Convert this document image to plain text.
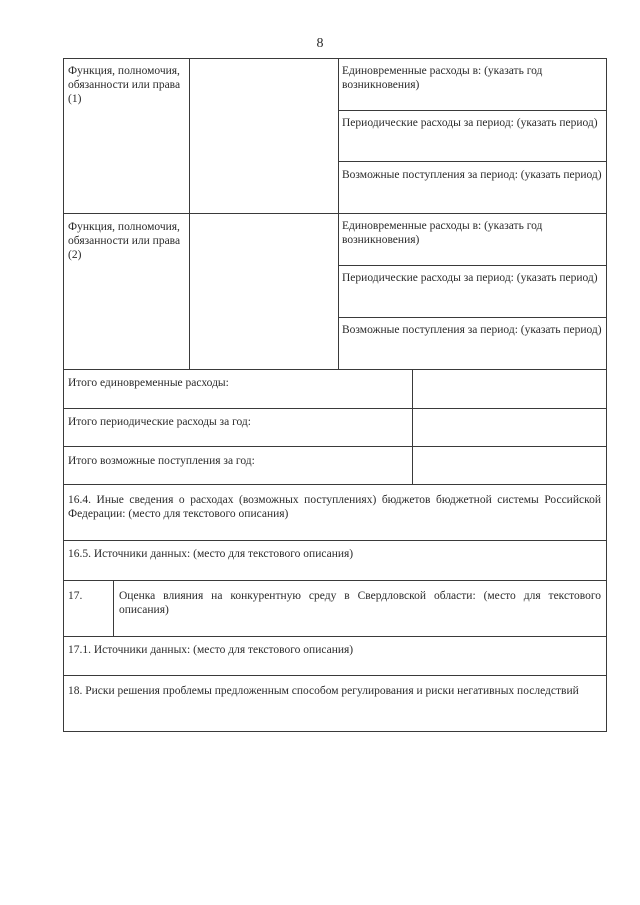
8
Функция, полномочия, обязанности или права (1)
Единовременные расходы в: (указать год возникновения)
Периодические расходы за период: (указать период)
Возможные поступления за период: (указать период)
Функция, полномочия, обязанности или права (2)
Единовременные расходы в: (указать год возникновения)
Периодические расходы за период: (указать период)
Возможные поступления за период: (указать период)
Итого единовременные расходы:
Итого периодические расходы за год:
Итого возможные поступления за год:
16.4. Иные сведения о расходах (возможных поступлениях) бюджетов бюджетной системы Российской Федерации: (место для текстового описания)
16.5. Источники данных: (место для текстового описания)
17.	Оценка влияния на конкурентную среду в Свердловской области: (место для текстового описания)
17.1. Источники данных: (место для текстового описания)
18. Риски решения проблемы предложенным способом регулирования и риски негативных последствий
